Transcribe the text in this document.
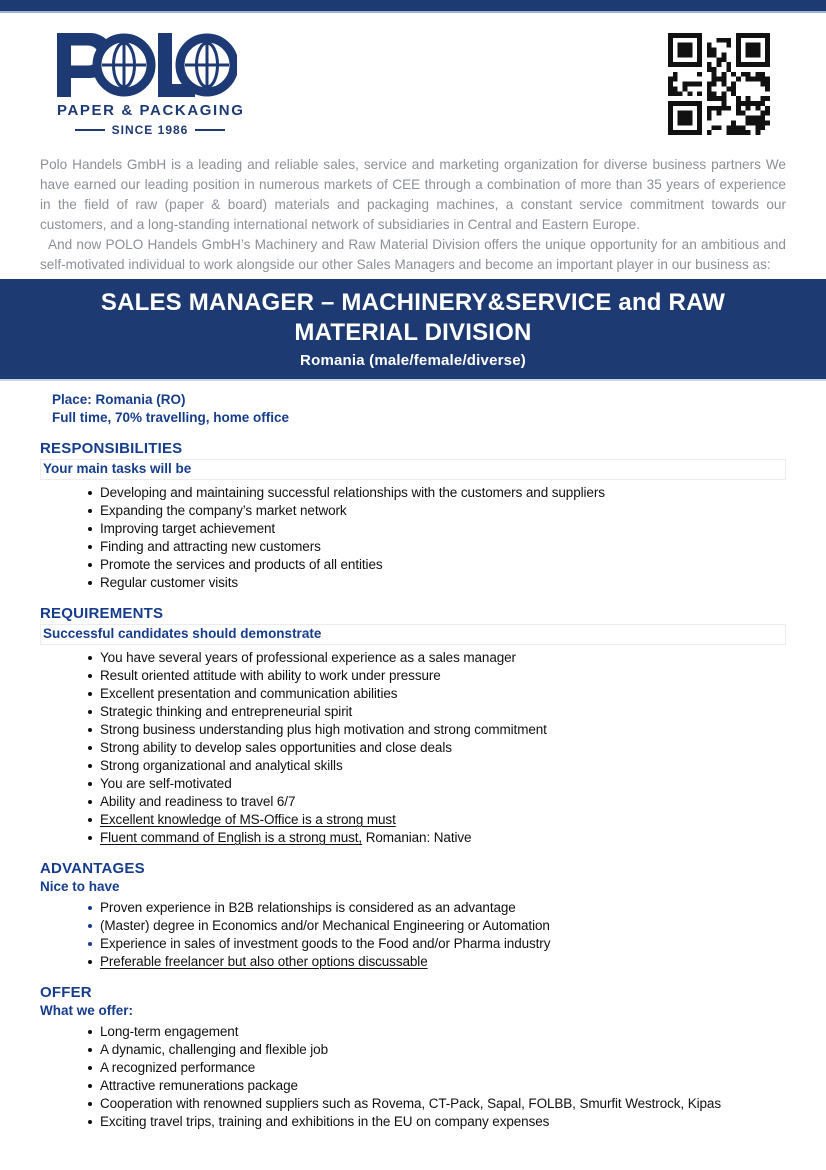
PAPER & PACKAGING
SINCE 1986

Polo Handels GmbH is a leading and reliable sales, service and marketing organization for diverse business partners We have earned our leading position in numerous markets of CEE through a combination of more than 35 years of experience in the field of raw (paper & board) materials and packaging machines, a constant service commitment towards our customers, and a long-standing international network of subsidiaries in Central and Eastern Europe.

And now POLO Handels GmbH’s Machinery and Raw Material Division offers the unique opportunity for an ambitious and self-motivated individual to work alongside our other Sales Managers and become an important player in our business as:

SALES MANAGER – MACHINERY&SERVICE and RAW
MATERIAL DIVISION
Romania (male/female/diverse)
Place: Romania (RO)
Full time, 70% travelling, home office
RESPONSIBILITIES
Your main tasks will be
Developing and maintaining successful relationships with the customers and suppliers
Expanding the company’s market network
Improving target achievement
Finding and attracting new customers
Promote the services and products of all entities
Regular customer visits
REQUIREMENTS
Successful candidates should demonstrate
You have several years of professional experience as a sales manager
Result oriented attitude with ability to work under pressure
Excellent presentation and communication abilities
Strategic thinking and entrepreneurial spirit
Strong business understanding plus high motivation and strong commitment
Strong ability to develop sales opportunities and close deals
Strong organizational and analytical skills
You are self-motivated
Ability and readiness to travel 6/7
Excellent knowledge of MS-Office is a strong must
Fluent command of English is a strong must, Romanian: Native
ADVANTAGES
Nice to have
Proven experience in B2B relationships is considered as an advantage
(Master) degree in Economics and/or Mechanical Engineering or Automation
Experience in sales of investment goods to the Food and/or Pharma industry
Preferable freelancer but also other options discussable
OFFER
What we offer:
Long-term engagement
A dynamic, challenging and flexible job
A recognized performance
Attractive remunerations package
Cooperation with renowned suppliers such as Rovema, CT-Pack, Sapal, FOLBB, Smurfit Westrock, Kipas
Exciting travel trips, training and exhibitions in the EU on company expenses
